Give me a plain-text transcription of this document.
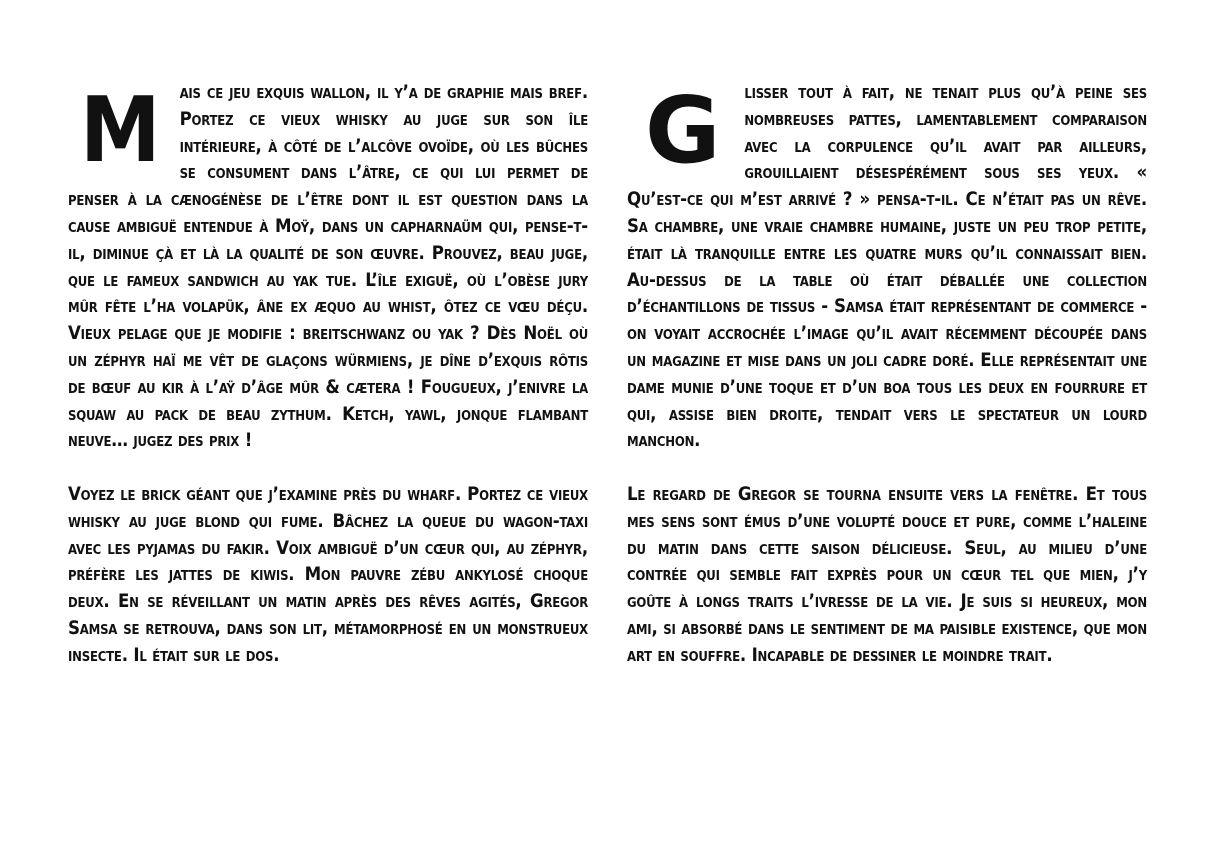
M ais ce jeu exquis wallon, il y’a de graphie mais bref. Portez ce vieux whisky au juge sur son île intérieure, à côté de l’alcôve ovoïde, où les bûches se consument dans l’âtre, ce qui lui permet de penser à la cænogénèse de l’être dont il est question dans la cause ambiguë entendue à Moÿ, dans un capharnaüm qui, pense-t-il, diminue çà et là la qualité de son œuvre. Prouvez, beau juge, que le fameux sandwich au yak tue. L’île exiguë, où l’obèse jury mûr fête l’ha volapük, âne ex æquo au whist, ôtez ce vœu déçu. Vieux pelage que je modifie : breitschwanz ou yak ? Dès Noël où un zéphyr haï me vêt de glaçons würmiens, je dîne d’exquis rôtis de bœuf au kir à l’aÿ d’âge mûr & cætera ! Fougueux, j’enivre la squaw au pack de beau zythum. Ketch, yawl, jonque flambant neuve… jugez des prix !

Voyez le brick géant que j’examine près du wharf. Portez ce vieux whisky au juge blond qui fume. Bâchez la queue du wagon-taxi avec les pyjamas du fakir. Voix ambiguë d’un cœur qui, au zéphyr, préfère les jattes de kiwis. Mon pauvre zébu ankylosé choque deux. En se réveillant un matin après des rêves agités, Gregor Samsa se retrouva, dans son lit, métamorphosé en un monstrueux insecte. Il était sur le dos.

G lisser tout à fait, ne tenait plus qu’à peine ses nombreuses pattes, lamentablement comparaison avec la corpulence qu’il avait par ailleurs, grouillaient désespérément sous ses yeux. « Qu’est-ce qui m’est arrivé ? » pensa-t-il. Ce n’était pas un rêve. Sa chambre, une vraie chambre humaine, juste un peu trop petite, était là tranquille entre les quatre murs qu’il connaissait bien. Au-dessus de la table où était déballée une collection d’échantillons de tissus - Samsa était représentant de commerce - on voyait accrochée l’image qu’il avait récemment découpée dans un magazine et mise dans un joli cadre doré. Elle représentait une dame munie d’une toque et d’un boa tous les deux en fourrure et qui, assise bien droite, tendait vers le spectateur un lourd manchon.

Le regard de Gregor se tourna ensuite vers la fenêtre. Et tous mes sens sont émus d’une volupté douce et pure, comme l’haleine du matin dans cette saison délicieuse. Seul, au milieu d’une contrée qui semble fait exprès pour un cœur tel que mien, j’y goûte à longs traits l’ivresse de la vie. Je suis si heureux, mon ami, si absorbé dans le sentiment de ma paisible existence, que mon art en souffre. Incapable de dessiner le moindre trait.
